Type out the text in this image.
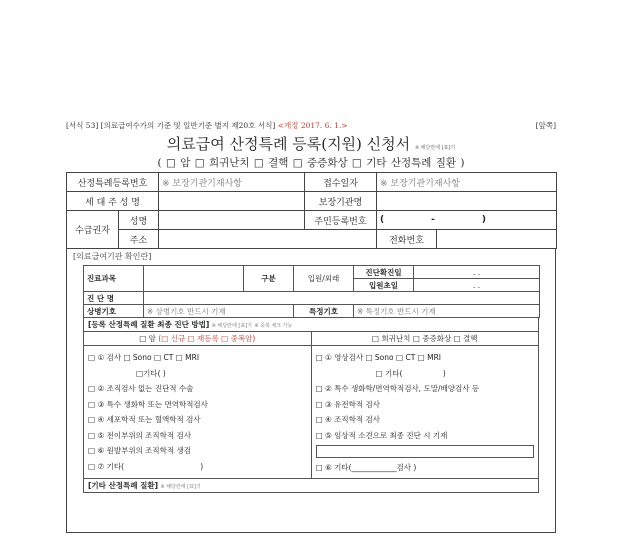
[서식 53] [의료급여수가의 기준 및 일반기준 별지 제20호 서식] <개정 2017. 6. 1.>	[앞쪽]
의료급여 산정특례 등록(지원) 신청서 ※ 해당란에 [표]기
( □ 암 □ 희귀난치 □ 결핵 □ 중증화상 □ 기타 산정특례 질환 )
산정특례등록번호		※ 보장기관기재사항	접수일자	※ 보장기관기재사항	
세 대 주 성 명			보장기관명		
수급권자	성명		주민등록번호	(               -               )	
	주소			전화번호	
[의료급여기관 확인란]
진료과목		구분	입원/외래	진단확진일	. .
				입원초일	. .
진 단 명					
상병기호	※ 상병기호 반드시 기재		특정기호	※ 특정기호 반드시 기재	
[등록 산정특례 질환 최종 진단 방법] ※ 해당란에 [표]기 ※ 중복 체크 가능
□ 암 (□ 신규 □ 재등록 □ 중복암)	□ 희귀난치 □ 중증화상 □ 결핵
□ ① 검사 □ Sono □ CT □ MRI
□기타( )
□ ② 조직검사 없는 진단적 수술
□ ③ 특수 생화학 또는 면역학적검사
□ ④ 세포학적 또는 혈액학적 검사
□ ⑤ 전이부위의 조직학적 검사
□ ⑥ 원발부위의 조직학적 생검
□ ⑦ 기타(                                )
□ ① 영상검사 □ Sono □ CT □ MRI
□ 기타(                 )
□ ② 특수 생화학/면역학적검사, 도말/배양검사 등
□ ③ 유전학적 검사
□ ④ 조직학적 검사
□ ⑤ 임상적 소견으로 최종 진단 시 기재
□ ⑥ 기타(____________검사 )
[기타 산정특례 질환] ※ 해당란에 [표]기
